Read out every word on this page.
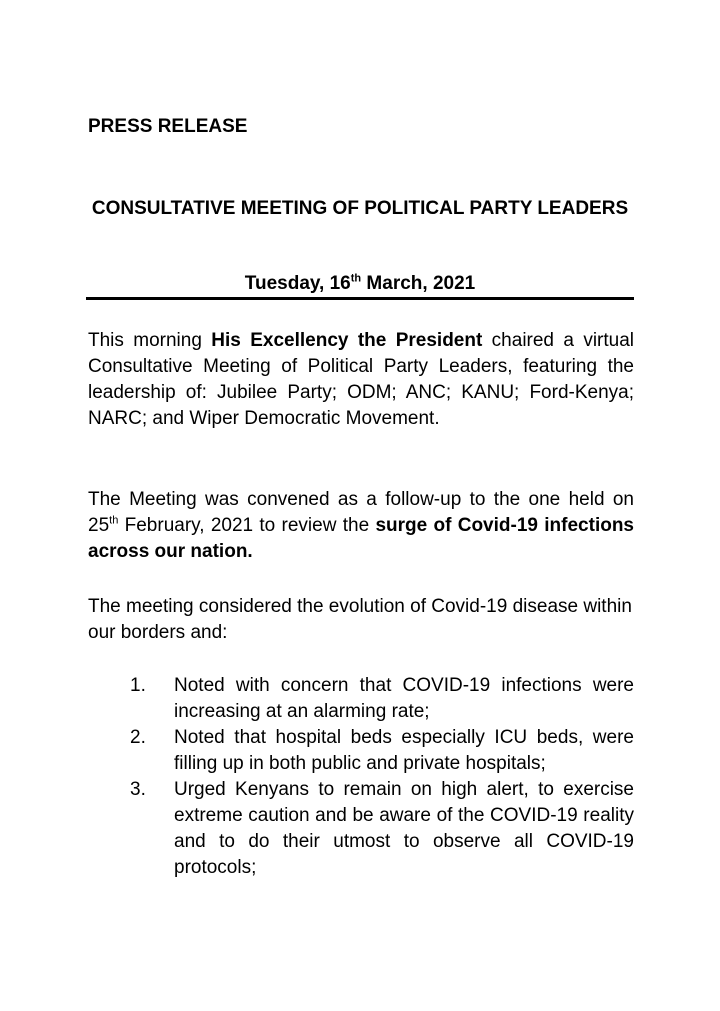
PRESS RELEASE

CONSULTATIVE MEETING OF POLITICAL PARTY LEADERS

Tuesday, 16th March, 2021

This morning His Excellency the President chaired a virtual Consultative Meeting of Political Party Leaders, featuring the leadership of: Jubilee Party; ODM; ANC; KANU; Ford-Kenya; NARC; and Wiper Democratic Movement.

The Meeting was convened as a follow-up to the one held on 25th February, 2021 to review the surge of Covid-19 infections across our nation.

The meeting considered the evolution of Covid-19 disease within our borders and:

1. Noted with concern that COVID-19 infections were increasing at an alarming rate;
2. Noted that hospital beds especially ICU beds, were filling up in both public and private hospitals;
3. Urged Kenyans to remain on high alert, to exercise extreme caution and be aware of the COVID-19 reality and to do their utmost to observe all COVID-19 protocols;
